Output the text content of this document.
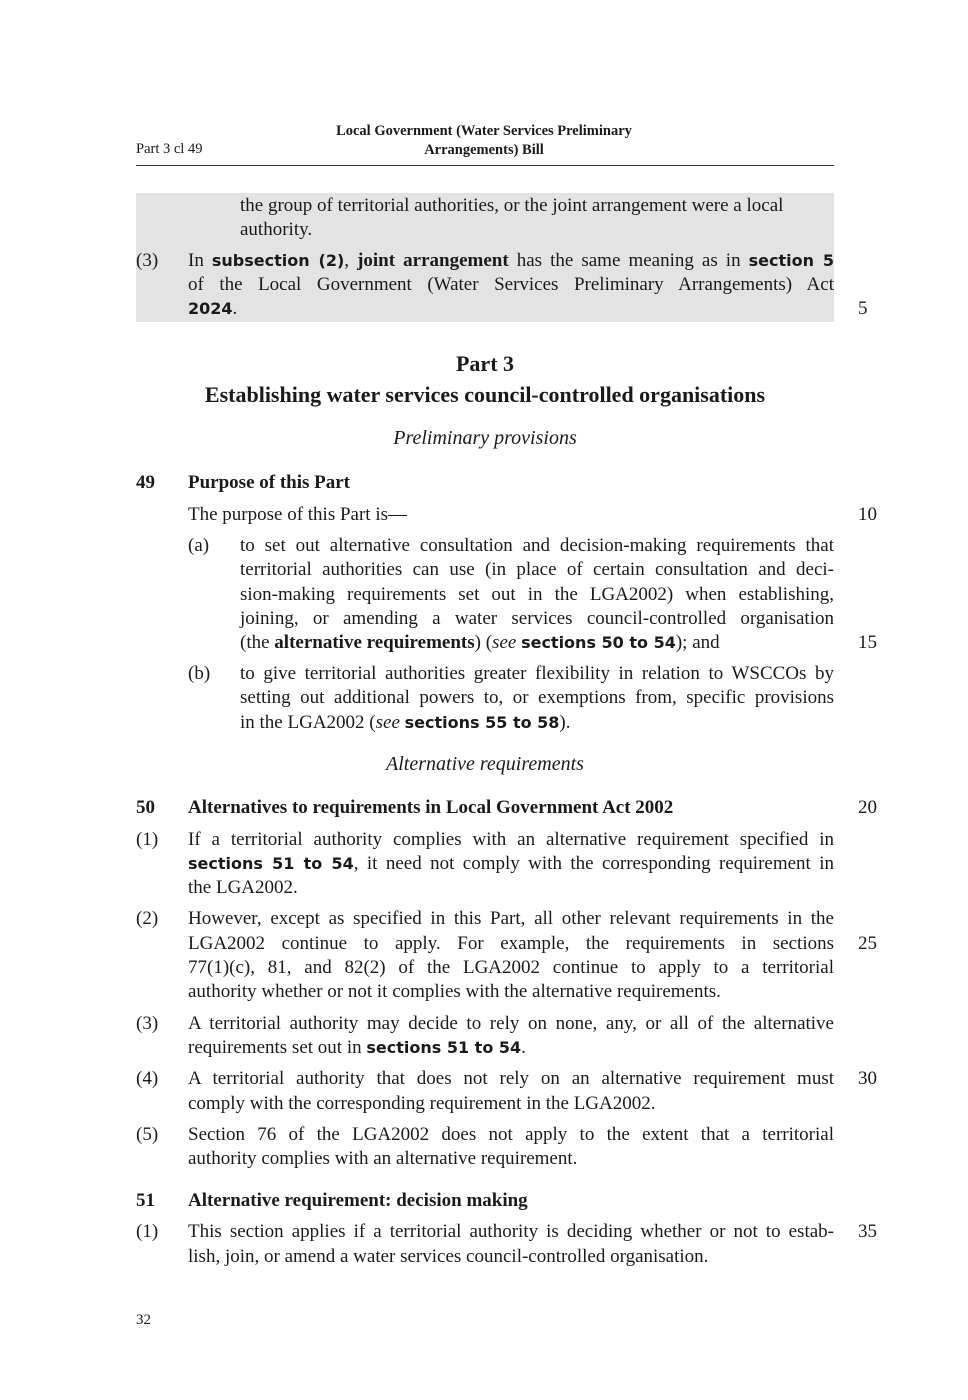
Part 3 cl 49
Local Government (Water Services Preliminary
Arrangements) Bill
the group of territorial authorities, or the joint arrangement were a local
authority.
(3) In subsection (2), joint arrangement has the same meaning as in section 5
of the Local Government (Water Services Preliminary Arrangements) Act
2024.	5
Part 3
Establishing water services council-controlled organisations
Preliminary provisions
49 Purpose of this Part
The purpose of this Part is—	10
(a) to set out alternative consultation and decision-making requirements that
territorial authorities can use (in place of certain consultation and deci-
sion-making requirements set out in the LGA2002) when establishing,
joining, or amending a water services council-controlled organisation
(the alternative requirements) (see sections 50 to 54); and	15
(b) to give territorial authorities greater flexibility in relation to WSCCOs by
setting out additional powers to, or exemptions from, specific provisions
in the LGA2002 (see sections 55 to 58).
Alternative requirements
50 Alternatives to requirements in Local Government Act 2002	20
(1) If a territorial authority complies with an alternative requirement specified in
sections 51 to 54, it need not comply with the corresponding requirement in
the LGA2002.
(2) However, except as specified in this Part, all other relevant requirements in the
LGA2002 continue to apply. For example, the requirements in sections 25
77(1)(c), 81, and 82(2) of the LGA2002 continue to apply to a territorial
authority whether or not it complies with the alternative requirements.
(3) A territorial authority may decide to rely on none, any, or all of the alternative
requirements set out in sections 51 to 54.
(4) A territorial authority that does not rely on an alternative requirement must 30
comply with the corresponding requirement in the LGA2002.
(5) Section 76 of the LGA2002 does not apply to the extent that a territorial
authority complies with an alternative requirement.
51 Alternative requirement: decision making
(1) This section applies if a territorial authority is deciding whether or not to estab- 35
lish, join, or amend a water services council-controlled organisation.
32
